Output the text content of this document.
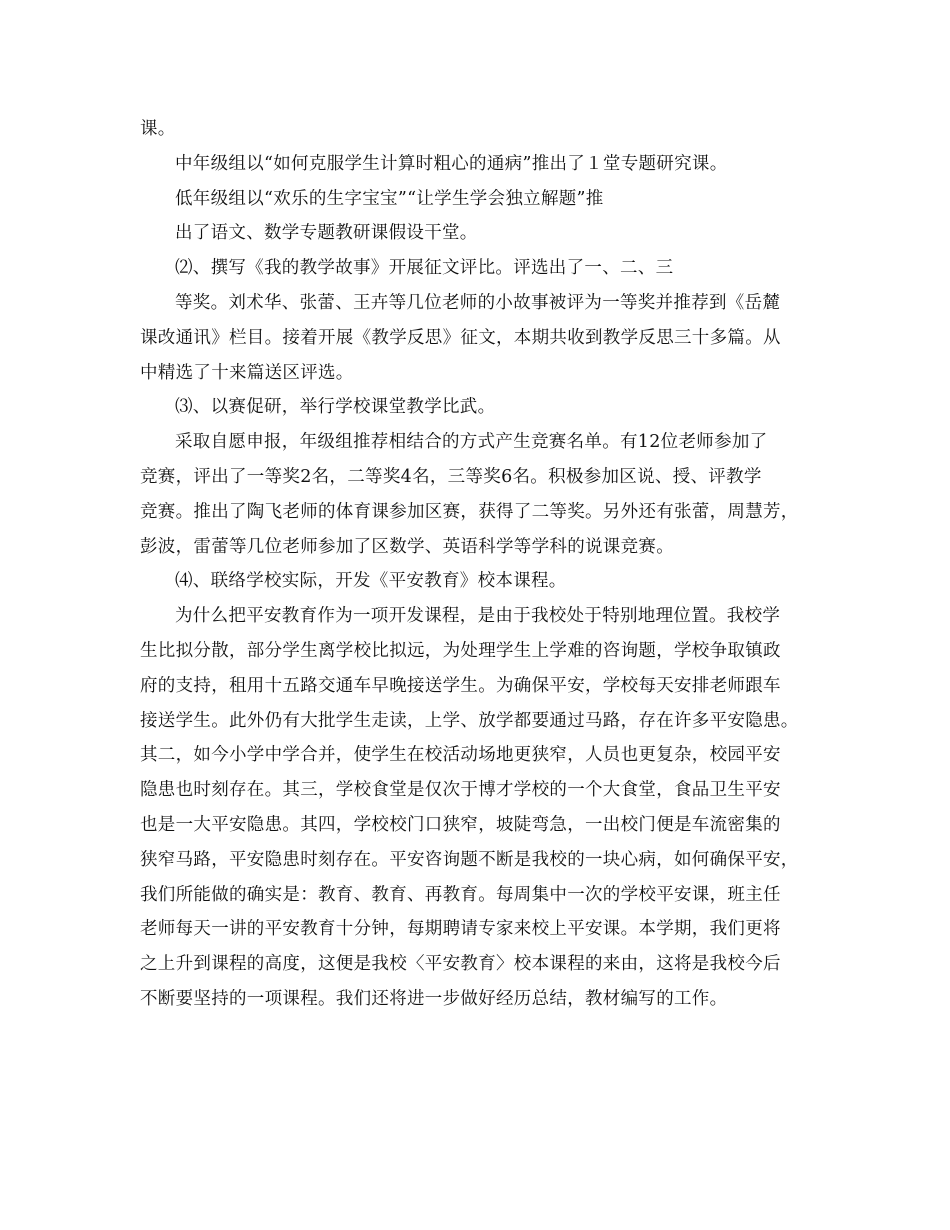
课。

中年级组以“如何克服学生计算时粗心的通病”推出了１堂专题研究课。

低年级组以“欢乐的生字宝宝”“让学生学会独立解题”推

出了语文、数学专题教研课假设干堂。

⑵、撰写《我的教学故事》开展征文评比。评选出了一、二、三

等奖。刘术华、张蕾、王卉等几位老师的小故事被评为一等奖并推荐到《岳麓

课改通讯》栏目。接着开展《教学反思》征文，本期共收到教学反思三十多篇。从

中精选了十来篇送区评选。

⑶、以赛促研，举行学校课堂教学比武。

采取自愿申报，年级组推荐相结合的方式产生竞赛名单。有12位老师参加了

竞赛，评出了一等奖2名，二等奖4名，三等奖6名。积极参加区说、授、评教学

竞赛。推出了陶飞老师的体育课参加区赛，获得了二等奖。另外还有张蕾，周慧芳，

彭波，雷蕾等几位老师参加了区数学、英语科学等学科的说课竞赛。

⑷、联络学校实际，开发《平安教育》校本课程。

为什么把平安教育作为一项开发课程，是由于我校处于特别地理位置。我校学

生比拟分散，部分学生离学校比拟远，为处理学生上学难的咨询题，学校争取镇政

府的支持，租用十五路交通车早晚接送学生。为确保平安，学校每天安排老师跟车

接送学生。此外仍有大批学生走读，上学、放学都要通过马路，存在许多平安隐患。

其二，如今小学中学合并，使学生在校活动场地更狭窄，人员也更复杂，校园平安

隐患也时刻存在。其三，学校食堂是仅次于博才学校的一个大食堂，食品卫生平安

也是一大平安隐患。其四，学校校门口狭窄，坡陡弯急，一出校门便是车流密集的

狭窄马路，平安隐患时刻存在。平安咨询题不断是我校的一块心病，如何确保平安，

我们所能做的确实是：教育、教育、再教育。每周集中一次的学校平安课，班主任

老师每天一讲的平安教育十分钟，每期聘请专家来校上平安课。本学期，我们更将

之上升到课程的高度，这便是我校〈平安教育〉校本课程的来由，这将是我校今后

不断要坚持的一项课程。我们还将进一步做好经历总结，教材编写的工作。
